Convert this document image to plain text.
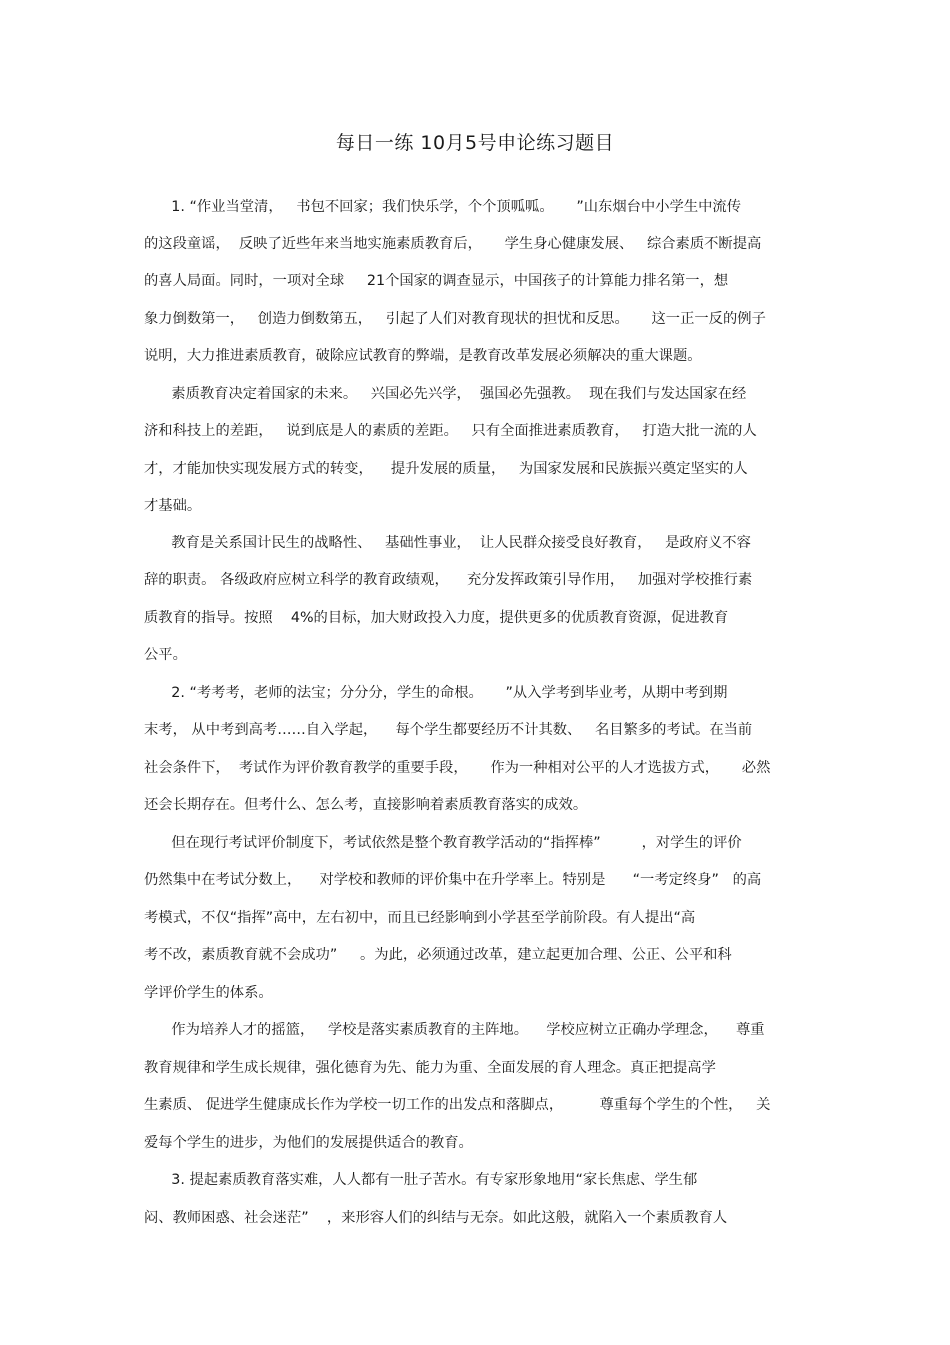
每日一练 10月5号申论练习题目
1. “作业当堂清，   书包不回家；我们快乐学，个个顶呱呱。     ”山东烟台中小学生中流传
的这段童谣，  反映了近些年来当地实施素质教育后，     学生身心健康发展、   综合素质不断提高
的喜人局面。同时，一项对全球     21个国家的调查显示，中国孩子的计算能力排名第一，想
象力倒数第一，   创造力倒数第五，   引起了人们对教育现状的担忧和反思。     这一正一反的例子
说明，大力推进素质教育，破除应试教育的弊端，是教育改革发展必须解决的重大课题。
素质教育决定着国家的未来。   兴国必先兴学，  强国必先强教。  现在我们与发达国家在经
济和科技上的差距，   说到底是人的素质的差距。   只有全面推进素质教育，   打造大批一流的人
才，才能加快实现发展方式的转变，    提升发展的质量，   为国家发展和民族振兴奠定坚实的人
才基础。
教育是关系国计民生的战略性、   基础性事业，  让人民群众接受良好教育，   是政府义不容
辞的职责。 各级政府应树立科学的教育政绩观，    充分发挥政策引导作用，   加强对学校推行素
质教育的指导。按照    4%的目标，加大财政投入力度，提供更多的优质教育资源，促进教育
公平。
2. “考考考，老师的法宝；分分分，学生的命根。     ”从入学考到毕业考，从期中考到期
末考， 从中考到高考……自入学起，    每个学生都要经历不计其数、   名目繁多的考试。在当前
社会条件下，  考试作为评价教育教学的重要手段，     作为一种相对公平的人才选拔方式，     必然
还会长期存在。但考什么、怎么考，直接影响着素质教育落实的成效。
但在现行考试评价制度下，考试依然是整个教育教学活动的“指挥棒”         ，对学生的评价
仍然集中在考试分数上，    对学校和教师的评价集中在升学率上。特别是      “一考定终身”   的高
考模式，不仅“指挥”高中，左右初中，而且已经影响到小学甚至学前阶段。有人提出“高
考不改，素质教育就不会成功”     。为此，必须通过改革，建立起更加合理、公正、公平和科
学评价学生的体系。
作为培养人才的摇篮，   学校是落实素质教育的主阵地。    学校应树立正确办学理念，    尊重
教育规律和学生成长规律，强化德育为先、能力为重、全面发展的育人理念。真正把提高学
生素质、 促进学生健康成长作为学校一切工作的出发点和落脚点，        尊重每个学生的个性，   关
爱每个学生的进步，为他们的发展提供适合的教育。
3. 提起素质教育落实难，人人都有一肚子苦水。有专家形象地用“家长焦虑、学生郁
闷、教师困惑、社会迷茫”    ，来形容人们的纠结与无奈。如此这般，就陷入一个素质教育人
